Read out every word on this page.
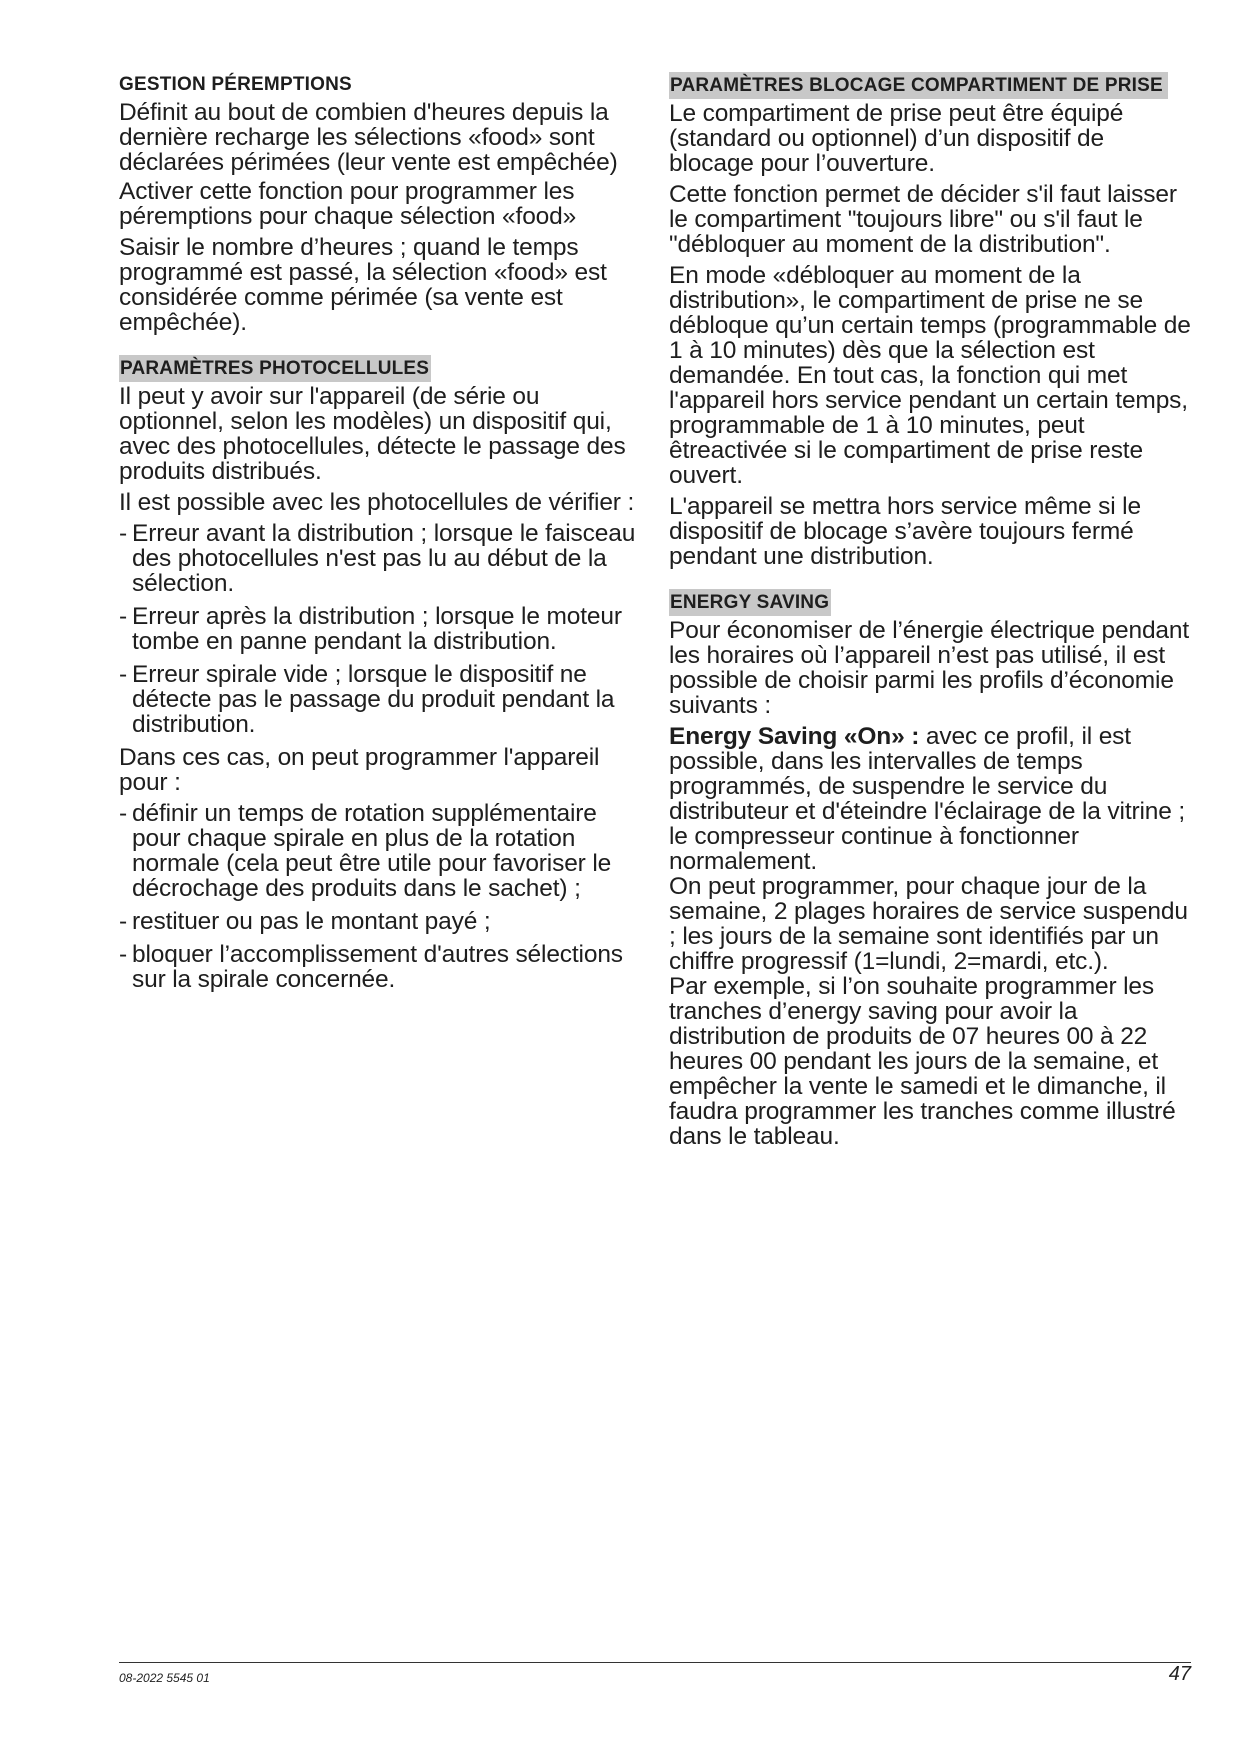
GESTION PÉREMPTIONS

Définit au bout de combien d'heures depuis la dernière recharge les sélections «food» sont déclarées périmées (leur vente est empêchée)

Activer cette fonction pour programmer les péremptions pour chaque sélection «food»

Saisir le nombre d’heures ; quand le temps programmé est passé, la sélection «food» est considérée comme périmée (sa vente est empêchée).

PARAMÈTRES PHOTOCELLULES

Il peut y avoir sur l'appareil (de série ou optionnel, selon les modèles) un dispositif qui, avec des photocellules, détecte le passage des produits distribués.

Il est possible avec les photocellules de vérifier :

- Erreur avant la distribution ; lorsque le faisceau des photocellules n'est pas lu au début de la sélection.
- Erreur après la distribution ; lorsque le moteur tombe en panne pendant la distribution.
- Erreur spirale vide ; lorsque le dispositif ne détecte pas le passage du produit pendant la distribution.

Dans ces cas, on peut programmer l'appareil pour :

- définir un temps de rotation supplémentaire pour chaque spirale en plus de la rotation normale (cela peut être utile pour favoriser le décrochage des produits dans le sachet) ;
- restituer ou pas le montant payé ;
- bloquer l’accomplissement d'autres sélections sur la spirale concernée.
PARAMÈTRES BLOCAGE COMPARTIMENT DE PRISE

Le compartiment de prise peut être équipé (standard ou optionnel) d’un dispositif de blocage pour l’ouverture.

Cette fonction permet de décider s'il faut laisser le compartiment "toujours libre" ou s'il faut le "débloquer au moment de la distribution".

En mode «débloquer au moment de la distribution», le compartiment de prise ne se débloque qu’un certain temps (programmable de 1 à 10 minutes) dès que la sélection est demandée. En tout cas, la fonction qui met l'appareil hors service pendant un certain temps, programmable de 1 à 10 minutes, peut êtreactivée si le compartiment de prise reste ouvert.

L'appareil se mettra hors service même si le dispositif de blocage s’avère toujours fermé pendant une distribution.

ENERGY SAVING

Pour économiser de l’énergie électrique pendant les horaires où l’appareil n’est pas utilisé, il est possible de choisir parmi les profils d’économie suivants :

Energy Saving «On» : avec ce profil, il est possible, dans les intervalles de temps programmés, de suspendre le service du distributeur et d'éteindre l'éclairage de la vitrine ; le compresseur continue à fonctionner normalement.

On peut programmer, pour chaque jour de la semaine, 2 plages horaires de service suspendu ; les jours de la semaine sont identifiés par un chiffre progressif (1=lundi, 2=mardi, etc.).

Par exemple, si l’on souhaite programmer les tranches d’energy saving pour avoir la distribution de produits de 07 heures 00 à 22 heures 00 pendant les jours de la semaine, et empêcher la vente le samedi et le dimanche, il faudra programmer les tranches comme illustré dans le tableau.

08-2022 5545 01	47
